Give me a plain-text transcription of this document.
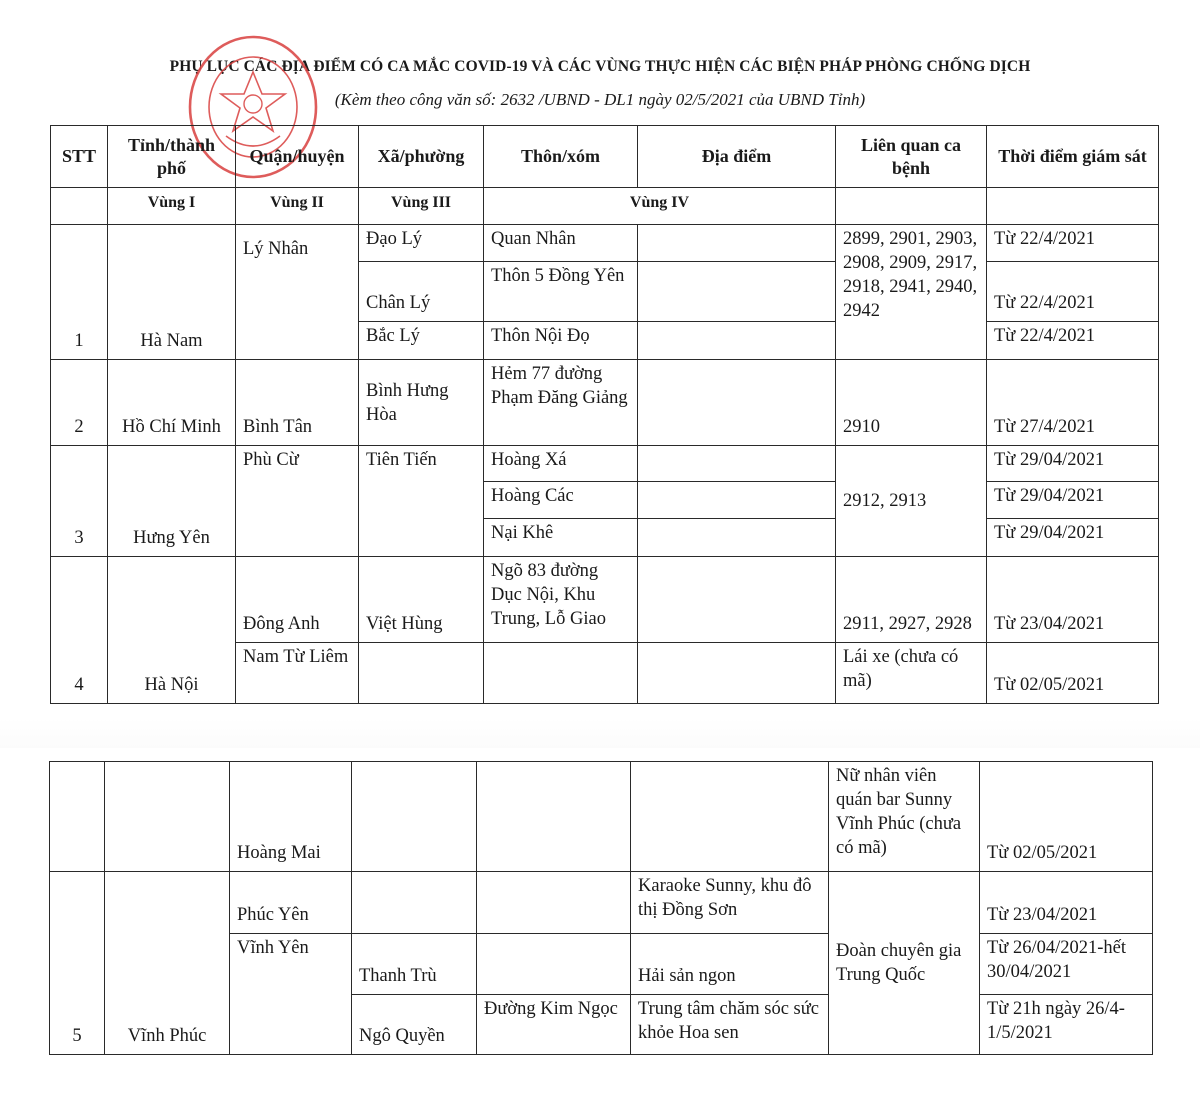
PHỤ LỤC CÁC ĐỊA ĐIỂM CÓ CA MẮC COVID-19 VÀ CÁC VÙNG THỰC HIỆN CÁC BIỆN PHÁP PHÒNG CHỐNG DỊCH
(Kèm theo công văn số: 2632 /UBND - DL1 ngày 02/5/2021 của UBND Tỉnh)
STT	Tỉnh/thành phố	Quận/huyện	Xã/phường	Thôn/xóm	Địa điểm	Liên quan ca bệnh	Thời điểm giám sát
	Vùng I	Vùng II	Vùng III	Vùng IV			
1	Hà Nam	Lý Nhân	Đạo Lý	Quan Nhân		2899, 2901, 2903, 2908, 2909, 2917, 2918, 2941, 2940, 2942	Từ 22/4/2021
			Chân Lý	Thôn 5 Đồng Yên			Từ 22/4/2021
			Bắc Lý	Thôn Nội Đọ			Từ 22/4/2021
2	Hồ Chí Minh	Bình Tân	Bình Hưng Hòa	Hẻm 77 đường Phạm Đăng Giảng		2910	Từ 27/4/2021
3	Hưng Yên	Phù Cừ	Tiên Tiến	Hoàng Xá		2912, 2913	Từ 29/04/2021
				Hoàng Các			Từ 29/04/2021
				Nại Khê			Từ 29/04/2021
4	Hà Nội	Đông Anh	Việt Hùng	Ngõ 83 đường Dục Nội, Khu Trung, Lỗ Giao		2911, 2927, 2928	Từ 23/04/2021
		Nam Từ Liêm				Lái xe (chưa có mã)	Từ 02/05/2021
		Hoàng Mai				Nữ nhân viên quán bar Sunny Vĩnh Phúc (chưa có mã)	Từ 02/05/2021
5	Vĩnh Phúc	Phúc Yên			Karaoke Sunny, khu đô thị Đồng Sơn	Đoàn chuyên gia Trung Quốc	Từ 23/04/2021
		Vĩnh Yên	Thanh Trù		Hải sản ngon		Từ 26/04/2021-hết 30/04/2021
			Ngô Quyền	Đường Kim Ngọc	Trung tâm chăm sóc sức khỏe Hoa sen		Từ 21h ngày 26/4-1/5/2021
